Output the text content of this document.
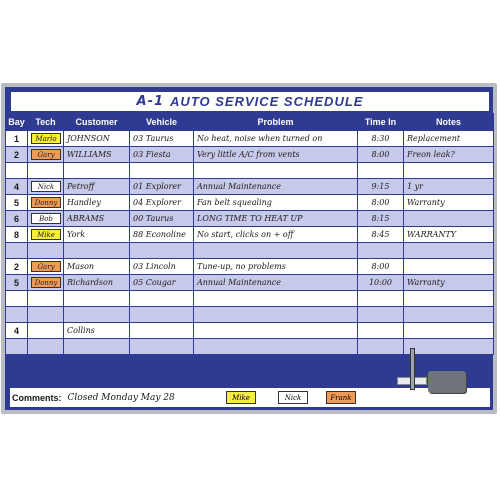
A-1 AUTO SERVICE SCHEDULE
Bay	Tech	Customer	Vehicle	Problem	Time In	Notes
1	Marlo	JOHNSON	03 Taurus	No heat, noise when turned on	8:30	Replacement
2	Gary	WILLIAMS	03 Fiesta	Very little A/C from vents	8:00	Freon leak?

4	Nick	Petroff	01 Explorer	Annual Maintenance	9:15	1 yr
5	Donny	Handley	04 Explorer	Fan belt squealing	8:00	Warranty
6	Bob	ABRAMS	00 Taurus	LONG TIME TO HEAT UP	8:15	
8	Mike	York	88 Econoline	No start, clicks on + off	8:45	WARRANTY

2	Gary	Mason	03 Lincoln	Tune-up, no problems	8:00	
5	Donny	Richardson	05 Cougar	Annual Maintenance	10:00	Warranty

4		Collins				

Comments: Closed Monday May 28	Mike	Nick	Frank
